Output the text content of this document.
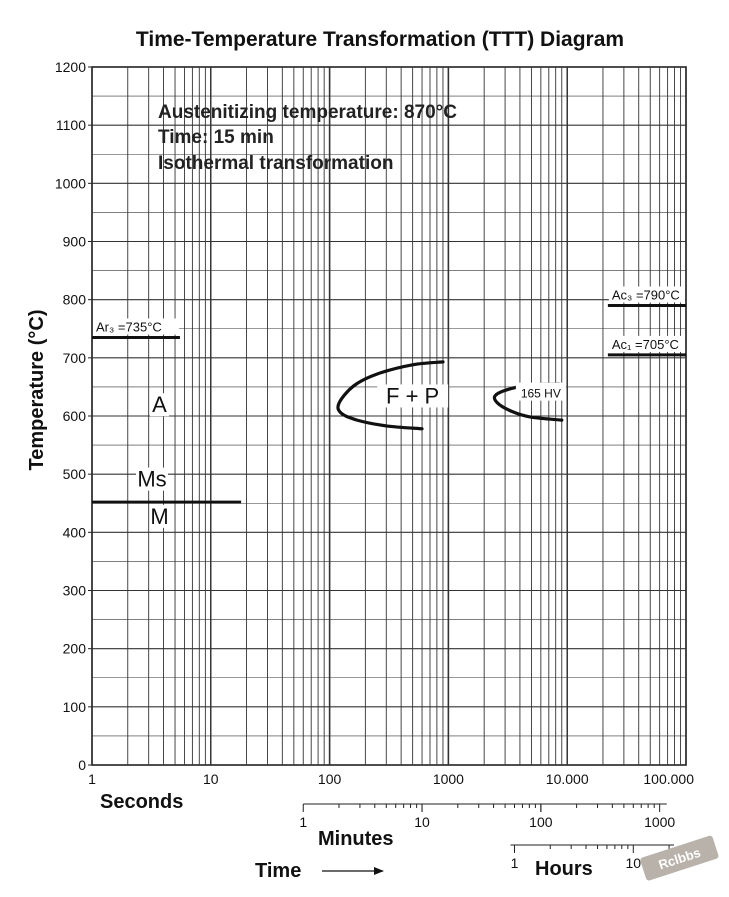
Time-Temperature Transformation (TTT) Diagram
0
100
200
300
400
500
600
700
800
900
1000
1100
1200
1	10	100	1000	10.000	100.000
Austenitizing temperature: 870°C
Time: 15 min
Isothermal transformation
Temperature (°C)	Ar₃ =735°C
Ac₃ =790°C
Ac₁ =705°C
A
Ms
M
F + P	165 HV
Seconds
1	10	100	1000
Minutes
1	10
Hours
Time	Rclbbs
